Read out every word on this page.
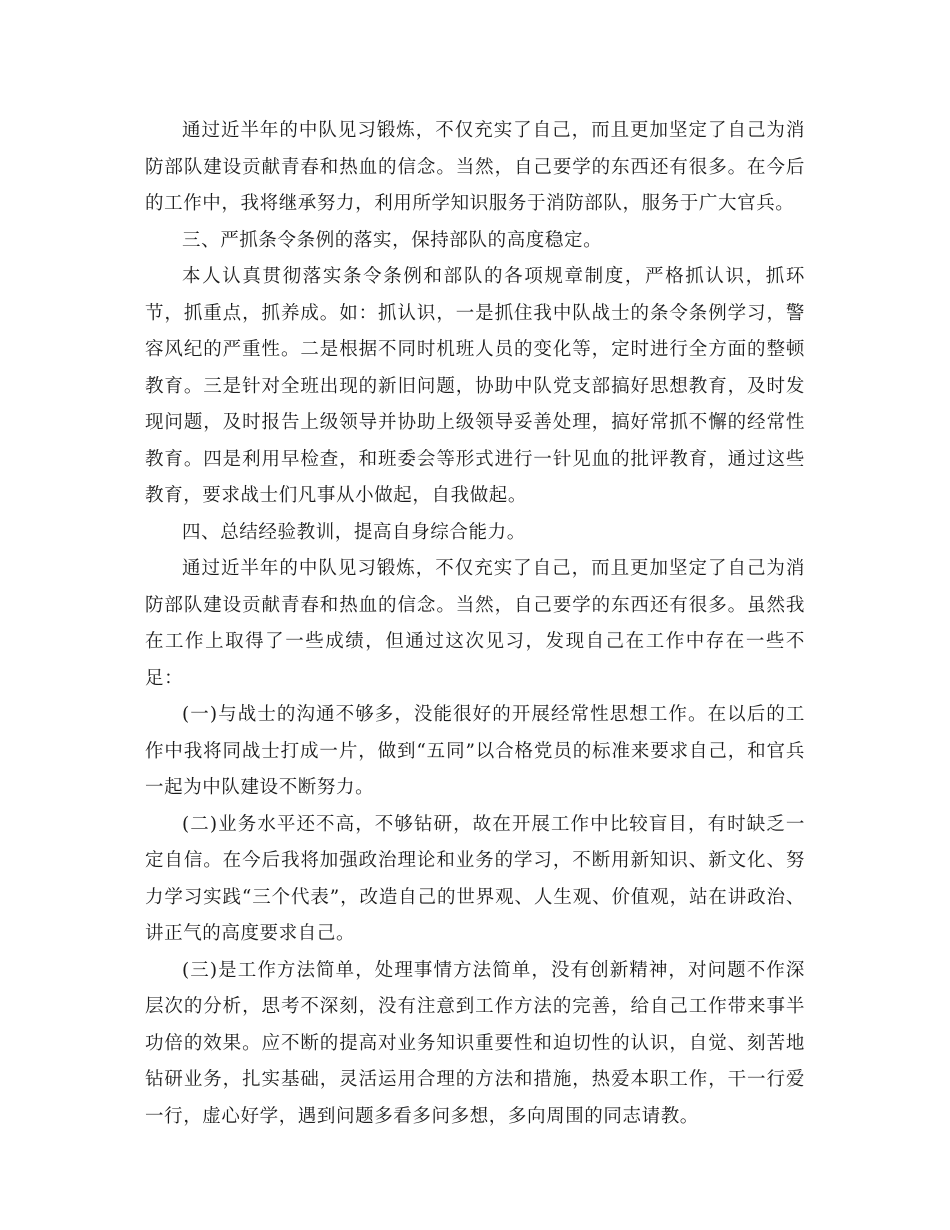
通过近半年的中队见习锻炼，不仅充实了自己，而且更加坚定了自己为消防部队建设贡献青春和热血的信念。当然，自己要学的东西还有很多。在今后的工作中，我将继承努力，利用所学知识服务于消防部队，服务于广大官兵。

三、严抓条令条例的落实，保持部队的高度稳定。

本人认真贯彻落实条令条例和部队的各项规章制度，严格抓认识，抓环节，抓重点，抓养成。如：抓认识，一是抓住我中队战士的条令条例学习，警容风纪的严重性。二是根据不同时机班人员的变化等，定时进行全方面的整顿教育。三是针对全班出现的新旧问题，协助中队党支部搞好思想教育，及时发现问题，及时报告上级领导并协助上级领导妥善处理，搞好常抓不懈的经常性教育。四是利用早检查，和班委会等形式进行一针见血的批评教育，通过这些教育，要求战士们凡事从小做起，自我做起。

四、总结经验教训，提高自身综合能力。

通过近半年的中队见习锻炼，不仅充实了自己，而且更加坚定了自己为消防部队建设贡献青春和热血的信念。当然，自己要学的东西还有很多。虽然我在工作上取得了一些成绩，但通过这次见习，发现自己在工作中存在一些不足：

(一)与战士的沟通不够多，没能很好的开展经常性思想工作。在以后的工作中我将同战士打成一片，做到“五同”以合格党员的标准来要求自己，和官兵一起为中队建设不断努力。

(二)业务水平还不高，不够钻研，故在开展工作中比较盲目，有时缺乏一定自信。在今后我将加强政治理论和业务的学习，不断用新知识、新文化、努力学习实践“三个代表”，改造自己的世界观、人生观、价值观，站在讲政治、讲正气的高度要求自己。

(三)是工作方法简单，处理事情方法简单，没有创新精神，对问题不作深层次的分析，思考不深刻，没有注意到工作方法的完善，给自己工作带来事半功倍的效果。应不断的提高对业务知识重要性和迫切性的认识，自觉、刻苦地钻研业务，扎实基础，灵活运用合理的方法和措施，热爱本职工作，干一行爱一行，虚心好学，遇到问题多看多问多想，多向周围的同志请教。
